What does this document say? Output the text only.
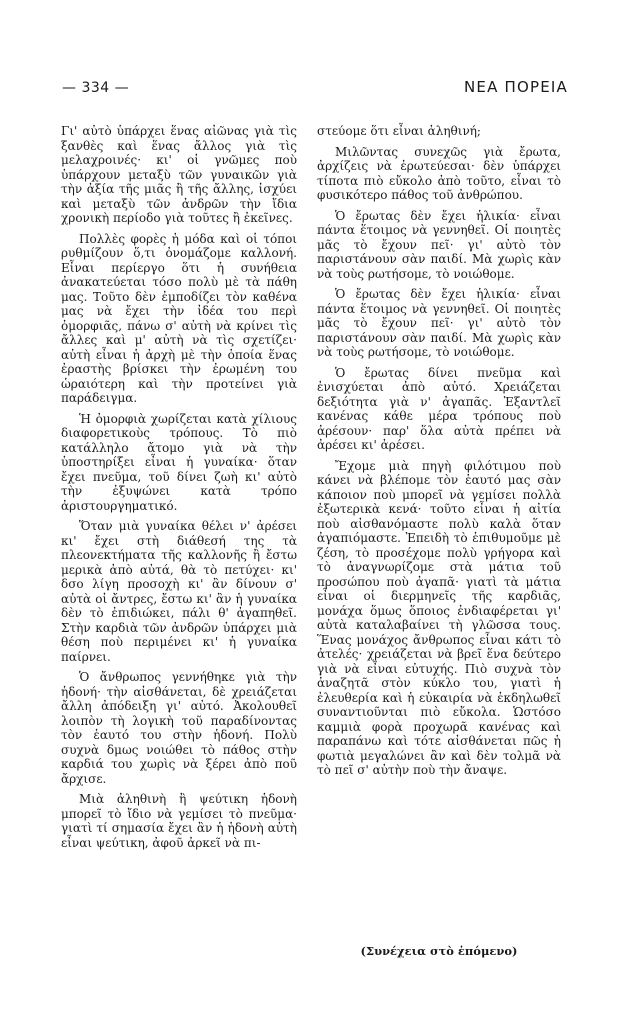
— 334 —	ΝΕΑ ΠΟΡΕΙΑ

Γι' αὐτὸ ὑπάρχει ἕνας αἰῶνας γιὰ τὶς ξανθὲς καὶ ἕνας ἄλλος γιὰ τὶς μελαχροινές· κι' οἱ γνῶμες ποὺ ὑπάρχουν μεταξὺ τῶν γυναικῶν γιὰ τὴν ἀξία τῆς μιᾶς ἢ τῆς ἄλλης, ἰσχύει καὶ μεταξὺ τῶν ἀνδρῶν τὴν ἴδια χρονικὴ περίοδο γιὰ τοῦτες ἢ ἐκεῖνες.

Πολλὲς φορὲς ἡ μόδα καὶ οἱ τόποι ρυθμίζουν ὅ,τι ὀνομάζομε καλλονή. Εἶναι περίεργο ὅτι ἡ συνήθεια ἀνακατεύεται τόσο πολὺ μὲ τὰ πάθη μας. Τοῦτο δὲν ἐμποδίζει τὸν καθένα μας νὰ ἔχει τὴν ἰδέα του περὶ ὀμορφιᾶς, πάνω σ' αὐτὴ νὰ κρίνει τὶς ἄλλες καὶ μ' αὐτὴ νὰ τὶς σχετίζει· αὐτὴ εἶναι ἡ ἀρχὴ μὲ τὴν ὁποία ἕνας ἐραστὴς βρίσκει τὴν ἐρωμένη του ὡραιότερη καὶ τὴν προτείνει γιὰ παράδειγμα.

Ἡ ὀμορφιὰ χωρίζεται κατὰ χίλιους διαφορετικοὺς τρόπους. Τὸ πιὸ κατάλληλο ἄτομο γιὰ νὰ τὴν ὑποστηρίξει εἶναι ἡ γυναίκα· ὅταν ἔχει πνεῦμα, τοῦ δίνει ζωὴ κι' αὐτὸ τὴν ἐξυψώνει κατὰ τρόπο ἀριστουργηματικό.

Ὅταν μιὰ γυναίκα θέλει ν' ἀρέσει κι' ἔχει στὴ διάθεσή της τὰ πλεονεκτήματα τῆς καλλονῆς ἢ ἔστω μερικὰ ἀπὸ αὐτά, θὰ τὸ πετύχει· κι' δσο λίγη προσοχὴ κι' ἂν δίνουν σ' αὐτὰ οἱ ἄντρες, ἔστω κι' ἂν ἡ γυναίκα δὲν τὸ ἐπιδιώκει, πάλι θ' ἀγαπηθεῖ. Στὴν καρδιὰ τῶν ἀνδρῶν ὑπάρχει μιὰ θέση ποὺ περιμένει κι' ἡ γυναίκα παίρνει.

Ὁ ἄνθρωπος γεννήθηκε γιὰ τὴν ἡδονή· τὴν αἰσθάνεται, δὲ χρειάζεται ἄλλη ἀπόδειξη γι' αὐτό. Ἀκολουθεῖ λοιπὸν τὴ λογικὴ τοῦ παραδίνοντας τὸν ἑαυτό του στὴν ἡδονή. Πολὺ συχνὰ δμως νοιώθει τὸ πάθος στὴν καρδιά του χωρὶς νὰ ξέρει ἀπὸ ποῦ ἄρχισε.

Μιὰ ἀληθινὴ ἢ ψεύτικη ἡδονὴ μπορεῖ τὸ ἴδιο νὰ γεμίσει τὸ πνεῦμα· γιατὶ τί σημασία ἔχει ἂν ἡ ἡδονὴ αὐτὴ εἶναι ψεύτικη, ἀφοῦ ἀρκεῖ νὰ πι-

στεύομε ὅτι εἶναι ἀληθινή;

Μιλῶντας συνεχῶς γιὰ ἔρωτα, ἀρχίζεις νὰ ἐρωτεύεσαι· δὲν ὑπάρχει τίποτα πιὸ εὔκολο ἀπὸ τοῦτο, εἶναι τὸ φυσικότερο πάθος τοῦ ἀνθρώπου.

Ὁ ἔρωτας δὲν ἔχει ἡλικία· εἶναι πάντα ἕτοιμος νὰ γεννηθεῖ. Οἱ ποιητὲς μᾶς τὸ ἔχουν πεῖ· γι' αὐτὸ τὸν παριστάνουν σὰν παιδί. Μὰ χωρὶς κὰν νὰ τοὺς ρωτήσομε, τὸ νοιώθομε.

Ὁ ἔρωτας δὲν ἔχει ἡλικία· εἶναι πάντα ἕτοιμος νὰ γεννηθεῖ. Οἱ ποιητὲς μᾶς τὸ ἔχουν πεῖ· γι' αὐτὸ τὸν παριστάνουν σὰν παιδί. Μὰ χωρὶς κὰν νὰ τοὺς ρωτήσομε, τὸ νοιώθομε.

Ὁ ἔρωτας δίνει πνεῦμα καὶ ἐνισχύεται ἀπὸ αὐτό. Χρειάζεται δεξιότητα γιὰ ν' ἀγαπᾶς. Ἐξαντλεῖ κανένας κάθε μέρα τρόπους ποὺ ἀρέσουν· παρ' ὅλα αὐτὰ πρέπει νὰ ἀρέσει κι' ἀρέσει.

Ἔχομε μιὰ πηγὴ φιλότιμου ποὺ κάνει νὰ βλέπομε τὸν ἑαυτό μας σὰν κάποιον ποὺ μπορεῖ νὰ γεμίσει πολλὰ ἐξωτερικὰ κενά· τοῦτο εἶναι ἡ αἰτία ποὺ αἰσθανόμαστε πολὺ καλὰ ὅταν ἀγαπιόμαστε. Ἐπειδὴ τὸ ἐπιθυμοῦμε μὲ ζέση, τὸ προσέχομε πολὺ γρήγορα καὶ τὸ ἀναγνωρίζομε στὰ μάτια τοῦ προσώπου ποὺ ἀγαπᾶ· γιατὶ τὰ μάτια εἶναι οἱ διερμηνεῖς τῆς καρδιᾶς, μονάχα ὅμως ὅποιος ἐνδιαφέρεται γι' αὐτὰ καταλαβαίνει τὴ γλῶσσα τους. Ἕνας μονάχος ἄνθρωπος εἶναι κάτι τὸ ἀτελές· χρειάζεται νὰ βρεῖ ἕνα δεύτερο γιὰ νὰ εἶναι εὐτυχής. Πιὸ συχνὰ τὸν ἀναζητᾶ στὸν κύκλο του, γιατὶ ἡ ἐλευθερία καὶ ἡ εὐκαιρία νὰ ἐκδηλωθεῖ συναντιοῦνται πιὸ εὔκολα. Ὡστόσο καμμιὰ φορὰ προχωρᾶ κανένας καὶ παραπάνω καὶ τότε αἰσθάνεται πῶς ἡ φωτιὰ μεγαλώνει ἂν καὶ δὲν τολμᾶ νὰ τὸ πεῖ σ' αὐτὴν ποὺ τὴν ἄναψε.

(Συνέχεια στὸ ἑπόμενο)
